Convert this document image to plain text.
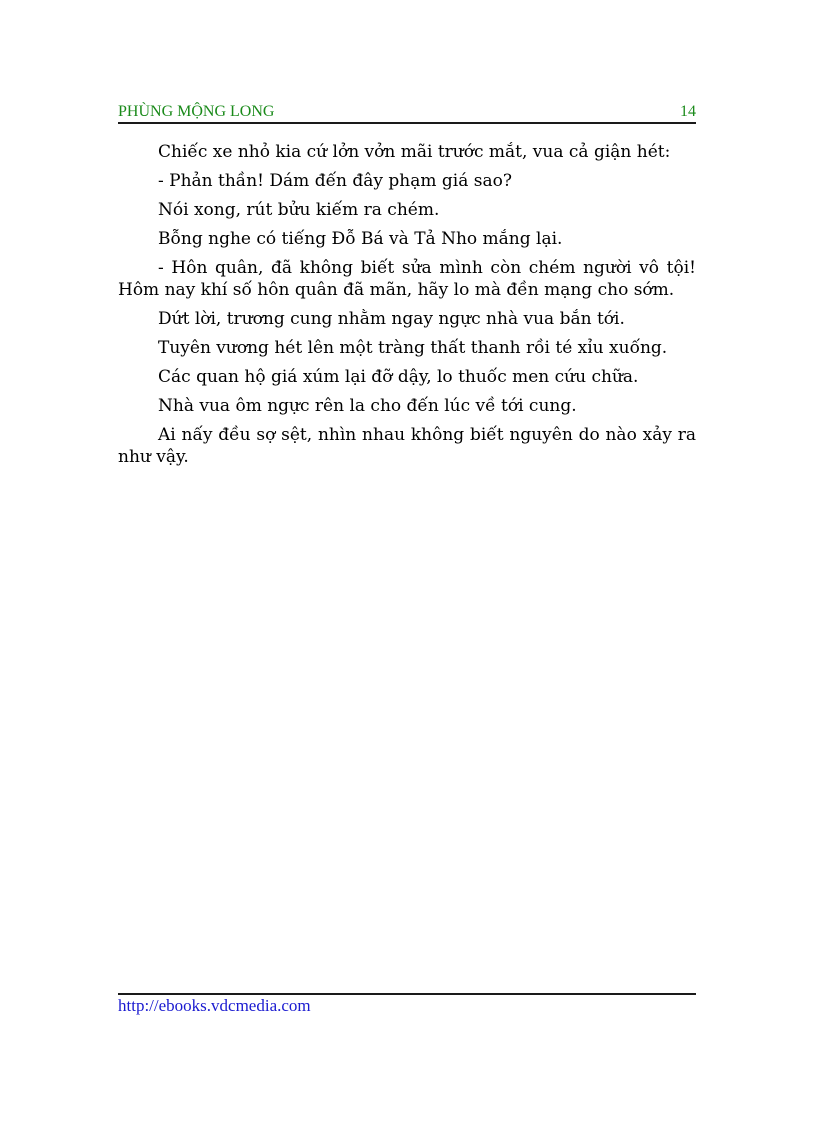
PHÙNG MỘNG LONG	14

Chiếc xe nhỏ kia cứ lởn vởn mãi trước mắt, vua cả giận hét:

- Phản thần! Dám đến đây phạm giá sao?

Nói xong, rút bửu kiếm ra chém.

Bỗng nghe có tiếng Đỗ Bá và Tả Nho mắng lại.

- Hôn quân, đã không biết sửa mình còn chém người vô tội! Hôm nay khí số hôn quân đã mãn, hãy lo mà đền mạng cho sớm.

Dứt lời, trương cung nhằm ngay ngực nhà vua bắn tới.

Tuyên vương hét lên một tràng thất thanh rồi té xỉu xuống.

Các quan hộ giá xúm lại đỡ dậy, lo thuốc men cứu chữa.

Nhà vua ôm ngực rên la cho đến lúc về tới cung.

Ai nấy đều sợ sệt, nhìn nhau không biết nguyên do nào xảy ra như vậy.

http://ebooks.vdcmedia.com
